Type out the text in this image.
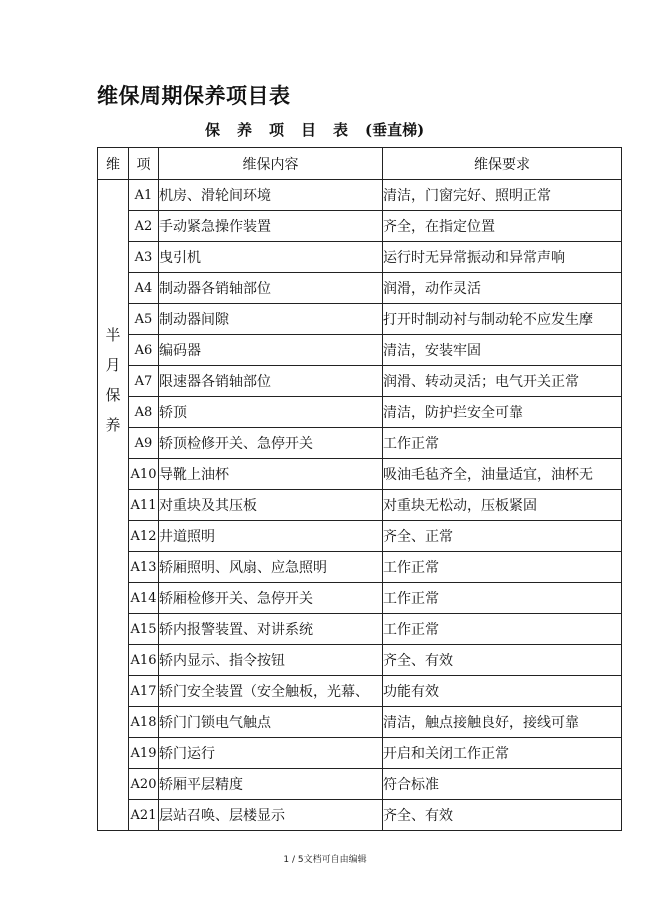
维保周期保养项目表
保养项目表(垂直梯)
维	项	维保内容	维保要求

半
月
保
养	A1	机房、滑轮间环境	清洁，门窗完好、照明正常
	A2	手动紧急操作装置	齐全，在指定位置
	A3	曳引机	运行时无异常振动和异常声响
	A4	制动器各销轴部位	润滑，动作灵活
	A5	制动器间隙	打开时制动衬与制动轮不应发生摩
	A6	编码器	清洁，安装牢固
	A7	限速器各销轴部位	润滑、转动灵活；电气开关正常
	A8	轿顶	清洁，防护拦安全可靠
	A9	轿顶检修开关、急停开关	工作正常
	A10	导靴上油杯	吸油毛毡齐全，油量适宜，油杯无
	A11	对重块及其压板	对重块无松动，压板紧固
	A12	井道照明	齐全、正常
	A13	轿厢照明、风扇、应急照明	工作正常
	A14	轿厢检修开关、急停开关	工作正常
	A15	轿内报警装置、对讲系统	工作正常
	A16	轿内显示、指令按钮	齐全、有效
	A17	轿门安全装置（安全触板，光幕、	功能有效
	A18	轿门门锁电气触点	清洁，触点接触良好，接线可靠
	A19	轿门运行	开启和关闭工作正常
	A20	轿厢平层精度	符合标准
	A21	层站召唤、层楼显示	齐全、有效
1 / 5文档可自由编辑
